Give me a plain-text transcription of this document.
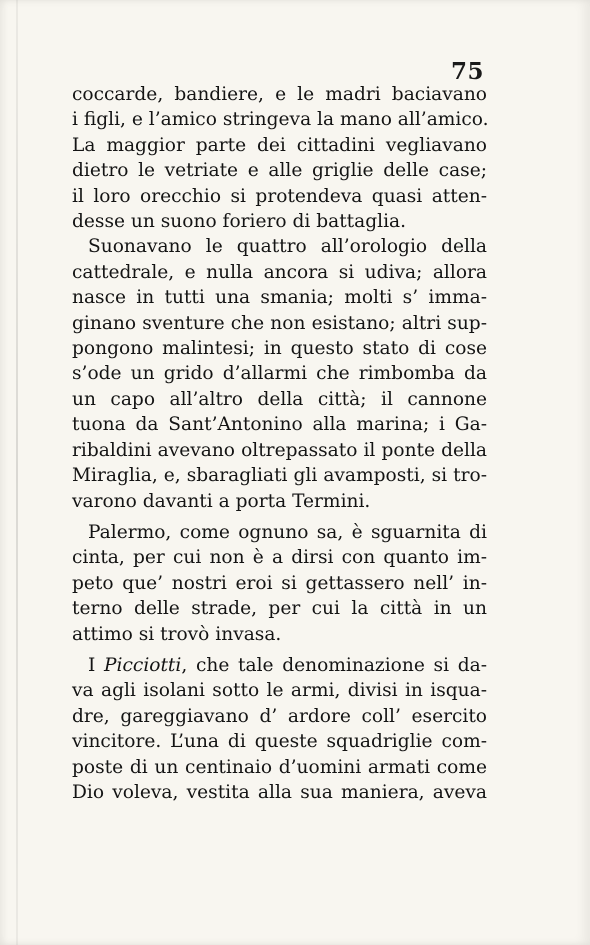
75
coccarde, bandiere, e le madri baciavano
i figli, e l’amico stringeva la mano all’amico.
La maggior parte dei cittadini vegliavano
dietro le vetriate e alle griglie delle case;
il loro orecchio si protendeva quasi atten‑
desse un suono foriero di battaglia.
Suonavano le quattro all’orologio della
cattedrale, e nulla ancora si udiva; allora
nasce in tutti una smania; molti s’ imma‑
ginano sventure che non esistano; altri sup‑
pongono malintesi; in questo stato di cose
s’ode un grido d’allarmi che rimbomba da
un capo all’altro della città; il cannone
tuona da Sant’Antonino alla marina; i Ga‑
ribaldini avevano oltrepassato il ponte della
Miraglia, e, sbaragliati gli avamposti, si tro‑
varono davanti a porta Termini.
Palermo, come ognuno sa, è sguarnita di
cinta, per cui non è a dirsi con quanto im‑
peto que’ nostri eroi si gettassero nell’ in‑
terno delle strade, per cui la città in un
attimo si trovò invasa.
I Picciotti, che tale denominazione si da‑
va agli isolani sotto le armi, divisi in isqua‑
dre, gareggiavano d’ ardore coll’ esercito
vincitore. L’una di queste squadriglie com‑
poste di un centinaio d’uomini armati come
Dio voleva, vestita alla sua maniera, aveva
